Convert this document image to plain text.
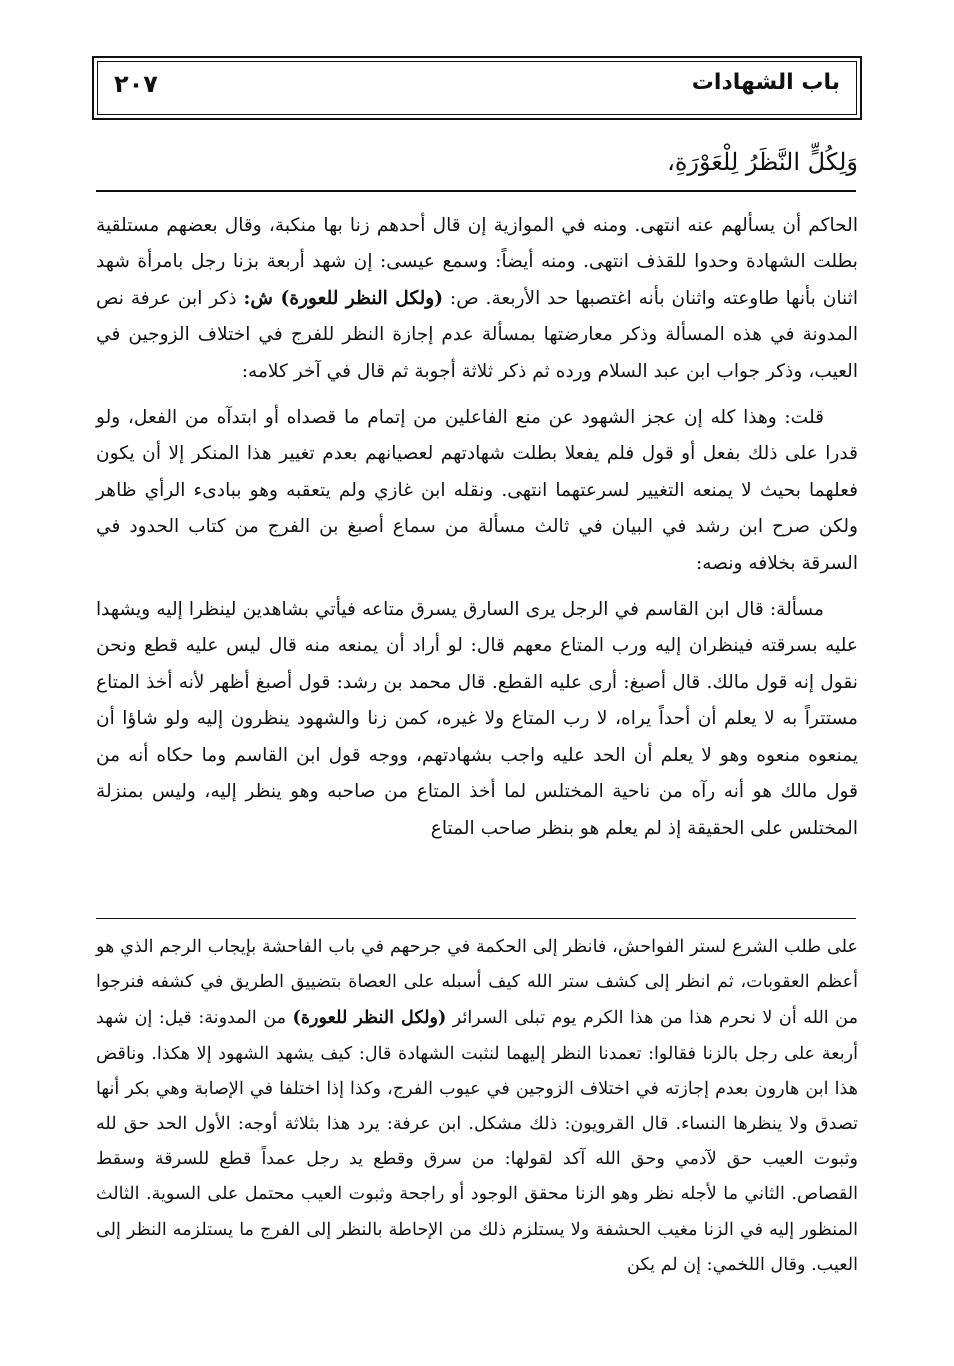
٢٠٧	باب الشهادات
وَلِكُلٍّ النَّظَرُ لِلْعَوْرَةِ،

الحاكم أن يسألهم عنه انتهى. ومنه في الموازية إن قال أحدهم زنا بها منكبة، وقال بعضهم مستلقية بطلت الشهادة وحدوا للقذف انتهى. ومنه أيضاً: وسمع عيسى: إن شهد أربعة بزنا رجل بامرأة شهد اثنان بأنها طاوعته واثنان بأنه اغتصبها حد الأربعة. ص: (ولكل النظر للعورة) ش: ذكر ابن عرفة نص المدونة في هذه المسألة وذكر معارضتها بمسألة عدم إجازة النظر للفرج في اختلاف الزوجين في العيب، وذكر جواب ابن عبد السلام ورده ثم ذكر ثلاثة أجوبة ثم قال في آخر كلامه:

قلت: وهذا كله إن عجز الشهود عن منع الفاعلين من إتمام ما قصداه أو ابتدآه من الفعل، ولو قدرا على ذلك بفعل أو قول فلم يفعلا بطلت شهادتهم لعصيانهم بعدم تغيير هذا المنكر إلا أن يكون فعلهما بحيث لا يمنعه التغيير لسرعتهما انتهى. ونقله ابن غازي ولم يتعقبه وهو ببادىء الرأي ظاهر ولكن صرح ابن رشد في البيان في ثالث مسألة من سماع أصبغ بن الفرج من كتاب الحدود في السرقة بخلافه ونصه:

مسألة: قال ابن القاسم في الرجل يرى السارق يسرق متاعه فيأتي بشاهدين لينظرا إليه ويشهدا عليه بسرقته فينظران إليه ورب المتاع معهم قال: لو أراد أن يمنعه منه قال ليس عليه قطع ونحن نقول إنه قول مالك. قال أصبغ: أرى عليه القطع. قال محمد بن رشد: قول أصبغ أظهر لأنه أخذ المتاع مستتراً به لا يعلم أن أحداً يراه، لا رب المتاع ولا غيره، كمن زنا والشهود ينظرون إليه ولو شاؤا أن يمنعوه منعوه وهو لا يعلم أن الحد عليه واجب بشهادتهم، ووجه قول ابن القاسم وما حكاه أنه من قول مالك هو أنه رآه من ناحية المختلس لما أخذ المتاع من صاحبه وهو ينظر إليه، وليس بمنزلة المختلس على الحقيقة إذ لم يعلم هو بنظر صاحب المتاع

على طلب الشرع لستر الفواحش، فانظر إلى الحكمة في جرحهم في باب الفاحشة بإيجاب الرجم الذي هو أعظم العقوبات، ثم انظر إلى كشف ستر الله كيف أسبله على العصاة بتضييق الطريق في كشفه فنرجوا من الله أن لا نحرم هذا من هذا الكرم يوم تبلى السرائر (ولكل النظر للعورة) من المدونة: قيل: إن شهد أربعة على رجل بالزنا فقالوا: تعمدنا النظر إليهما لنثبت الشهادة قال: كيف يشهد الشهود إلا هكذا. وناقض هذا ابن هارون بعدم إجازته في اختلاف الزوجين في عيوب الفرج، وكذا إذا اختلفا في الإصابة وهي بكر أنها تصدق ولا ينظرها النساء. قال القرويون: ذلك مشكل. ابن عرفة: يرد هذا بثلاثة أوجه: الأول الحد حق لله وثبوت العيب حق لآدمي وحق الله آكد لقولها: من سرق وقطع يد رجل عمداً قطع للسرقة وسقط القصاص. الثاني ما لأجله نظر وهو الزنا محقق الوجود أو راجحة وثبوت العيب محتمل على السوية. الثالث المنظور إليه في الزنا مغيب الحشفة ولا يستلزم ذلك من الإحاطة بالنظر إلى الفرج ما يستلزمه النظر إلى العيب. وقال اللخمي: إن لم يكن
